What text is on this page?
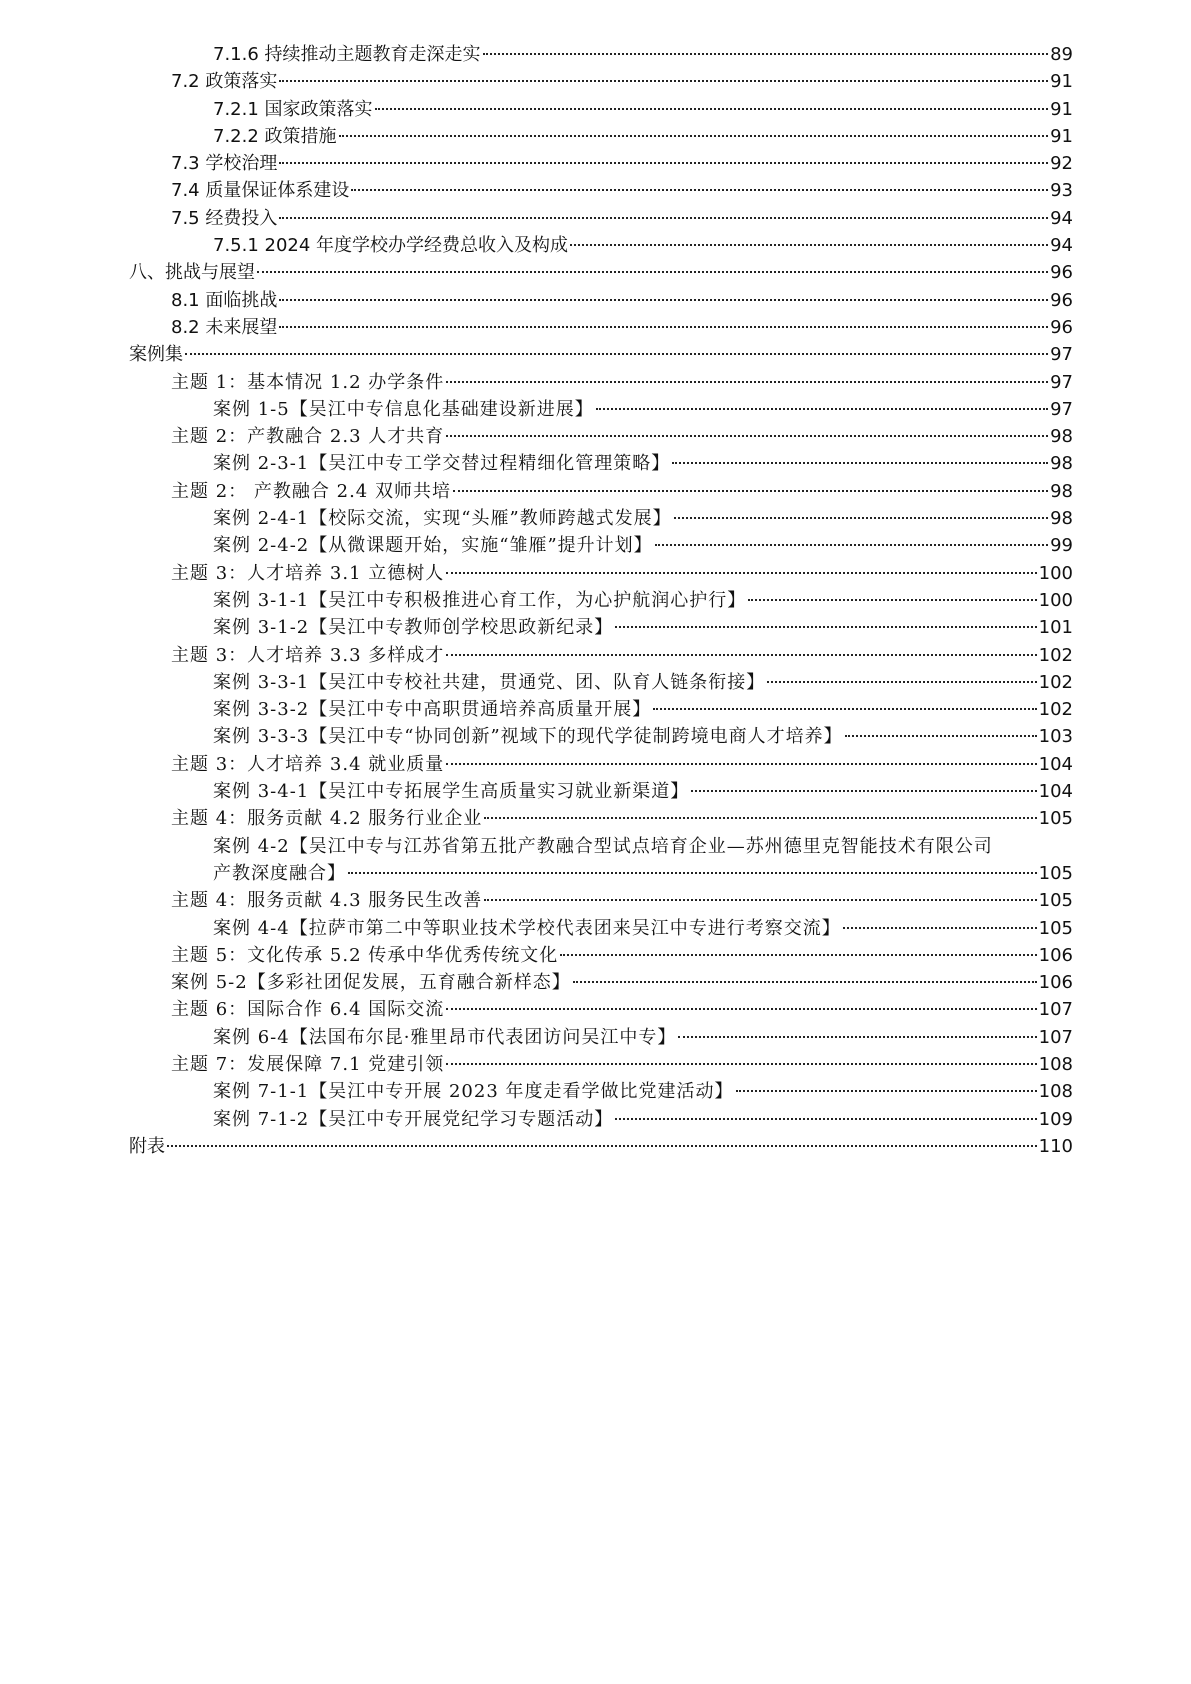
7.1.6 持续推动主题教育走深走实	89
7.2 政策落实	91
7.2.1 国家政策落实	91
7.2.2 政策措施	91
7.3 学校治理	92
7.4 质量保证体系建设	93
7.5 经费投入	94
7.5.1 2024 年度学校办学经费总收入及构成	94
八、挑战与展望	96
8.1 面临挑战	96
8.2 未来展望	96
案例集	97
主题 1：基本情况 1.2 办学条件	97
案例 1-5【吴江中专信息化基础建设新进展】	97
主题 2：产教融合 2.3 人才共育	98
案例 2-3-1【吴江中专工学交替过程精细化管理策略】	98
主题 2： 产教融合 2.4 双师共培	98
案例 2-4-1【校际交流，实现“头雁”教师跨越式发展】	98
案例 2-4-2【从微课题开始，实施“雏雁”提升计划】	99
主题 3：人才培养 3.1 立德树人	100
案例 3-1-1【吴江中专积极推进心育工作，为心护航润心护行】	100
案例 3-1-2【吴江中专教师创学校思政新纪录】	101
主题 3：人才培养 3.3 多样成才	102
案例 3-3-1【吴江中专校社共建，贯通党、团、队育人链条衔接】	102
案例 3-3-2【吴江中专中高职贯通培养高质量开展】	102
案例 3-3-3【吴江中专“协同创新”视域下的现代学徒制跨境电商人才培养】	103
主题 3：人才培养 3.4 就业质量	104
案例 3-4-1【吴江中专拓展学生高质量实习就业新渠道】	104
主题 4：服务贡献 4.2 服务行业企业	105
案例 4-2【吴江中专与江苏省第五批产教融合型试点培育企业—苏州德里克智能技术有限公司
产教深度融合】	105
主题 4：服务贡献 4.3 服务民生改善	105
案例 4-4【拉萨市第二中等职业技术学校代表团来吴江中专进行考察交流】	105
主题 5：文化传承 5.2 传承中华优秀传统文化	106
案例 5-2【多彩社团促发展，五育融合新样态】	106
主题 6：国际合作 6.4 国际交流	107
案例 6-4【法国布尔昆·雅里昂市代表团访问吴江中专】	107
主题 7：发展保障 7.1 党建引领	108
案例 7-1-1【吴江中专开展 2023 年度走看学做比党建活动】	108
案例 7-1-2【吴江中专开展党纪学习专题活动】	109
附表	110
